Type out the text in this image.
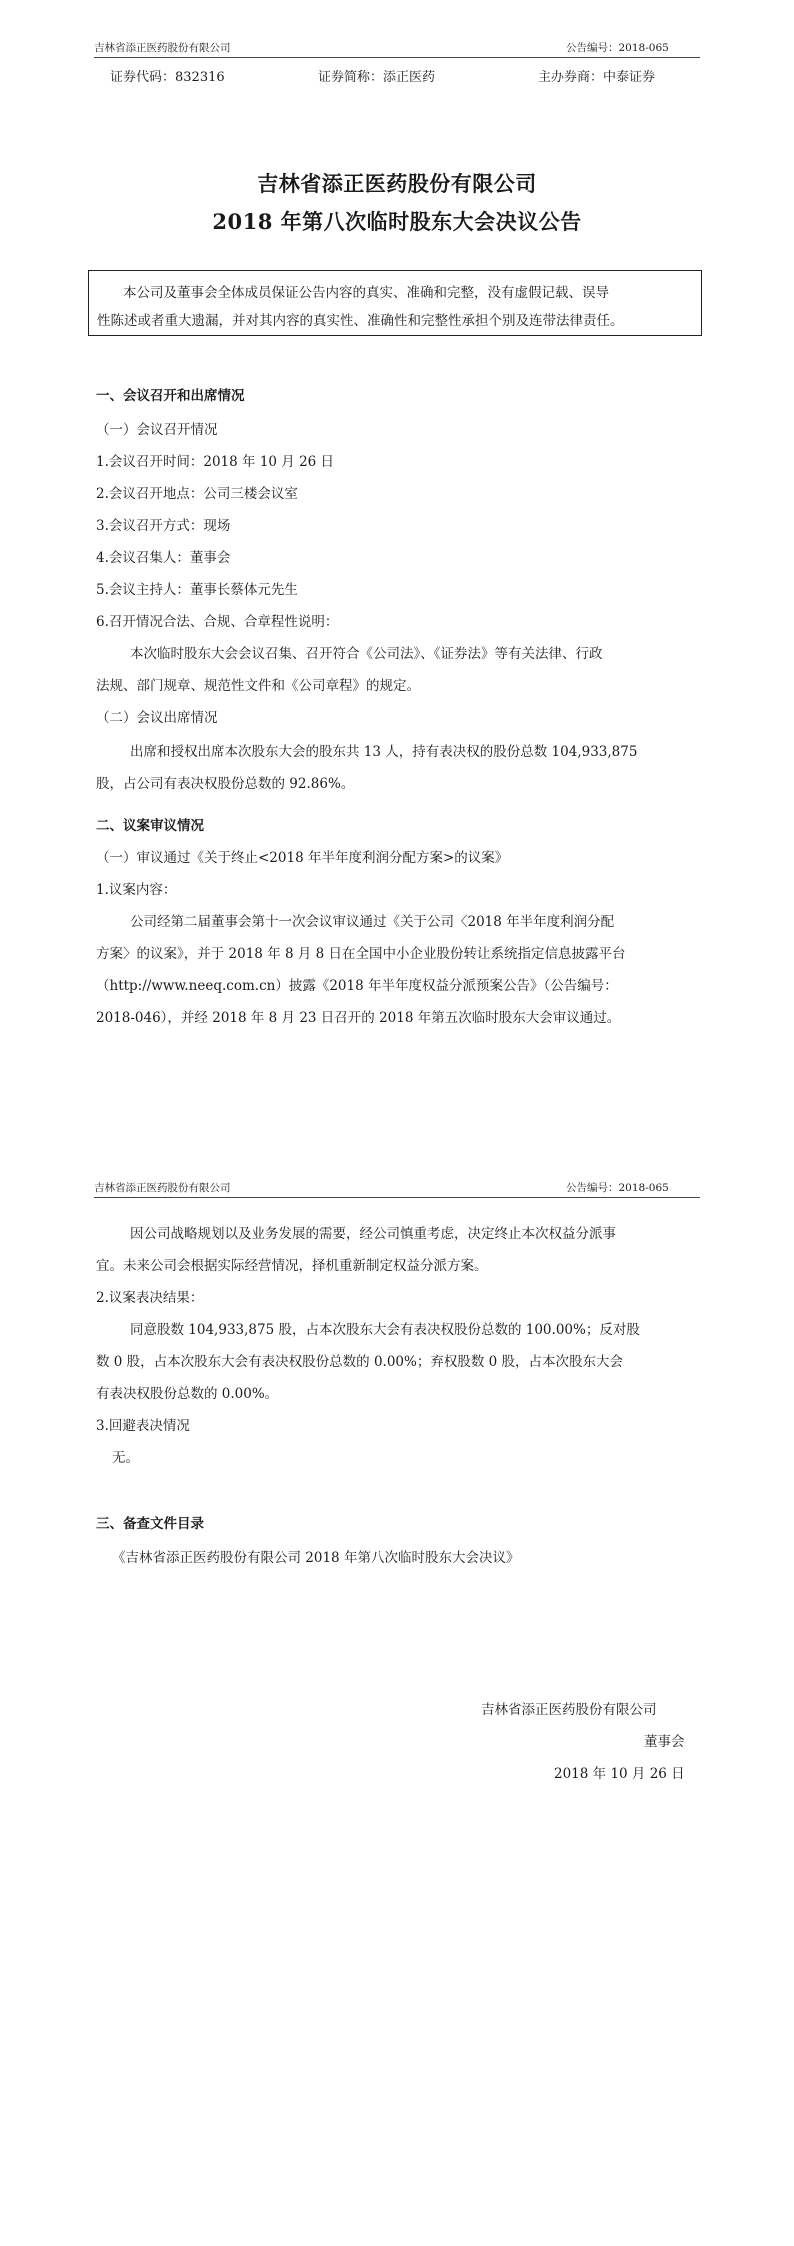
吉林省添正医药股份有限公司	公告编号：2018-065
证券代码：832316	证券简称：添正医药	主办券商：中泰证券
吉林省添正医药股份有限公司
2018 年第八次临时股东大会决议公告

本公司及董事会全体成员保证公告内容的真实、准确和完整，没有虚假记载、误导

性陈述或者重大遗漏，并对其内容的真实性、准确性和完整性承担个别及连带法律责任。

一、会议召开和出席情况
（一）会议召开情况
1.会议召开时间：2018 年 10 月 26 日
2.会议召开地点：公司三楼会议室
3.会议召开方式：现场
4.会议召集人：董事会
5.会议主持人：董事长蔡体元先生
6.召开情况合法、合规、合章程性说明：
本次临时股东大会会议召集、召开符合《公司法》、《证券法》等有关法律、行政
法规、部门规章、规范性文件和《公司章程》的规定。
（二）会议出席情况
出席和授权出席本次股东大会的股东共 13 人，持有表决权的股份总数 104,933,875
股，占公司有表决权股份总数的 92.86%。
二、议案审议情况
（一）审议通过《关于终止<2018 年半年度利润分配方案>的议案》
1.议案内容：
公司经第二届董事会第十一次会议审议通过《关于公司〈2018 年半年度利润分配
方案〉的议案》，并于 2018 年 8 月 8 日在全国中小企业股份转让系统指定信息披露平台
（http://www.neeq.com.cn）披露《2018 年半年度权益分派预案公告》（公告编号：
2018-046），并经 2018 年 8 月 23 日召开的 2018 年第五次临时股东大会审议通过。
吉林省添正医药股份有限公司	公告编号：2018-065
因公司战略规划以及业务发展的需要，经公司慎重考虑，决定终止本次权益分派事
宜。未来公司会根据实际经营情况，择机重新制定权益分派方案。
2.议案表决结果：
同意股数 104,933,875 股，占本次股东大会有表决权股份总数的 100.00%；反对股
数 0 股，占本次股东大会有表决权股份总数的 0.00%；弃权股数 0 股，占本次股东大会
有表决权股份总数的 0.00%。
3.回避表决情况
无。
三、备查文件目录
《吉林省添正医药股份有限公司 2018 年第八次临时股东大会决议》
吉林省添正医药股份有限公司
董事会
2018 年 10 月 26 日
